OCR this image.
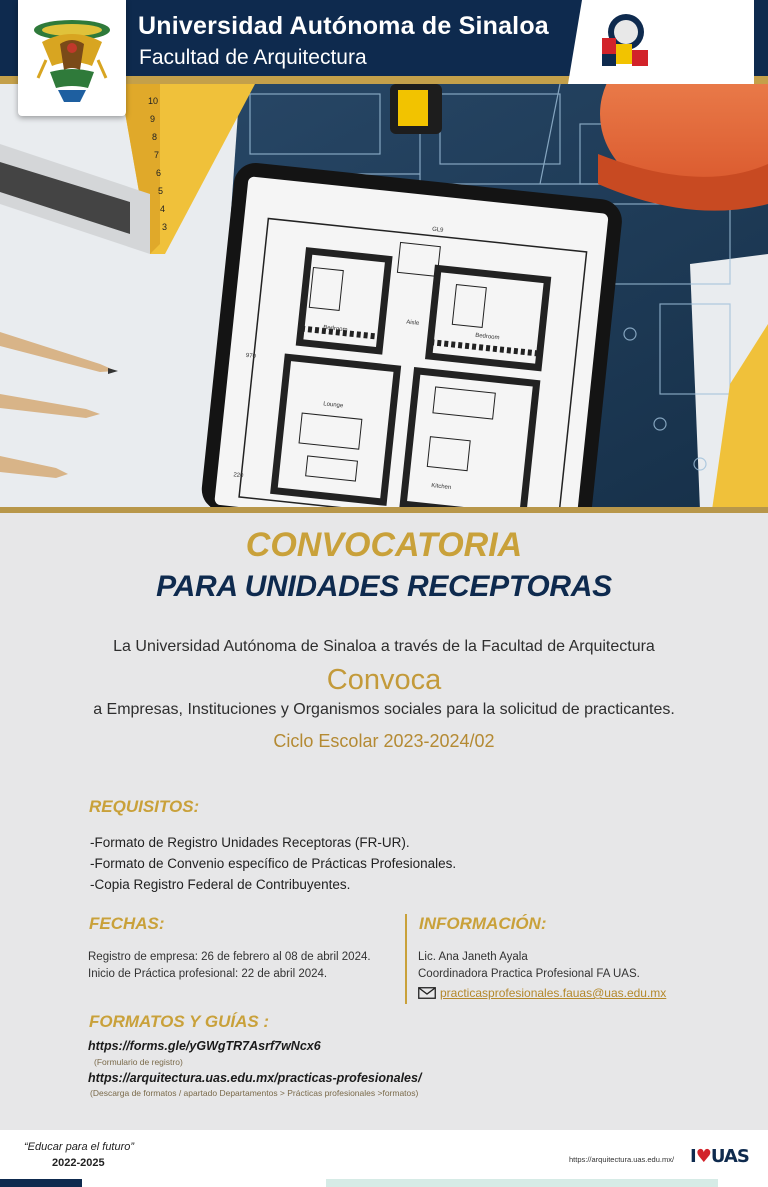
Universidad Autónoma de Sinaloa
Facultad de Arquitectura
10
9
8
7
6
5
4
3
Bedroom
Bedroom
Aisle
Lounge
Kitchen
GL9
970
220
CONVOCATORIA
PARA UNIDADES RECEPTORAS
La Universidad Autónoma de Sinaloa a través de la Facultad de Arquitectura
Convoca
a Empresas, Instituciones y Organismos sociales para la solicitud de practicantes.
Ciclo Escolar 2023-2024/02
REQUISITOS:
-Formato de Registro Unidades Receptoras (FR-UR).
-Formato de Convenio específico de Prácticas Profesionales.
-Copia Registro Federal de Contribuyentes.
FECHAS:
Registro de empresa: 26 de febrero al 08 de abril 2024.
Inicio de Práctica profesional: 22 de abril 2024.
INFORMACIÓN:
Lic. Ana Janeth Ayala
Coordinadora Practica Profesional FA UAS.
practicasprofesionales.fauas@uas.edu.mx
FORMATOS Y GUÍAS :
https://forms.gle/yGWgTR7Asrf7wNcx6
(Formulario de registro)
https://arquitectura.uas.edu.mx/practicas-profesionales/
(Descarga de formatos / apartado Departamentos > Prácticas profesionales >formatos)
“Educar para el futuro”
2022-2025	https://arquitectura.uas.edu.mx/ I♥UAS
